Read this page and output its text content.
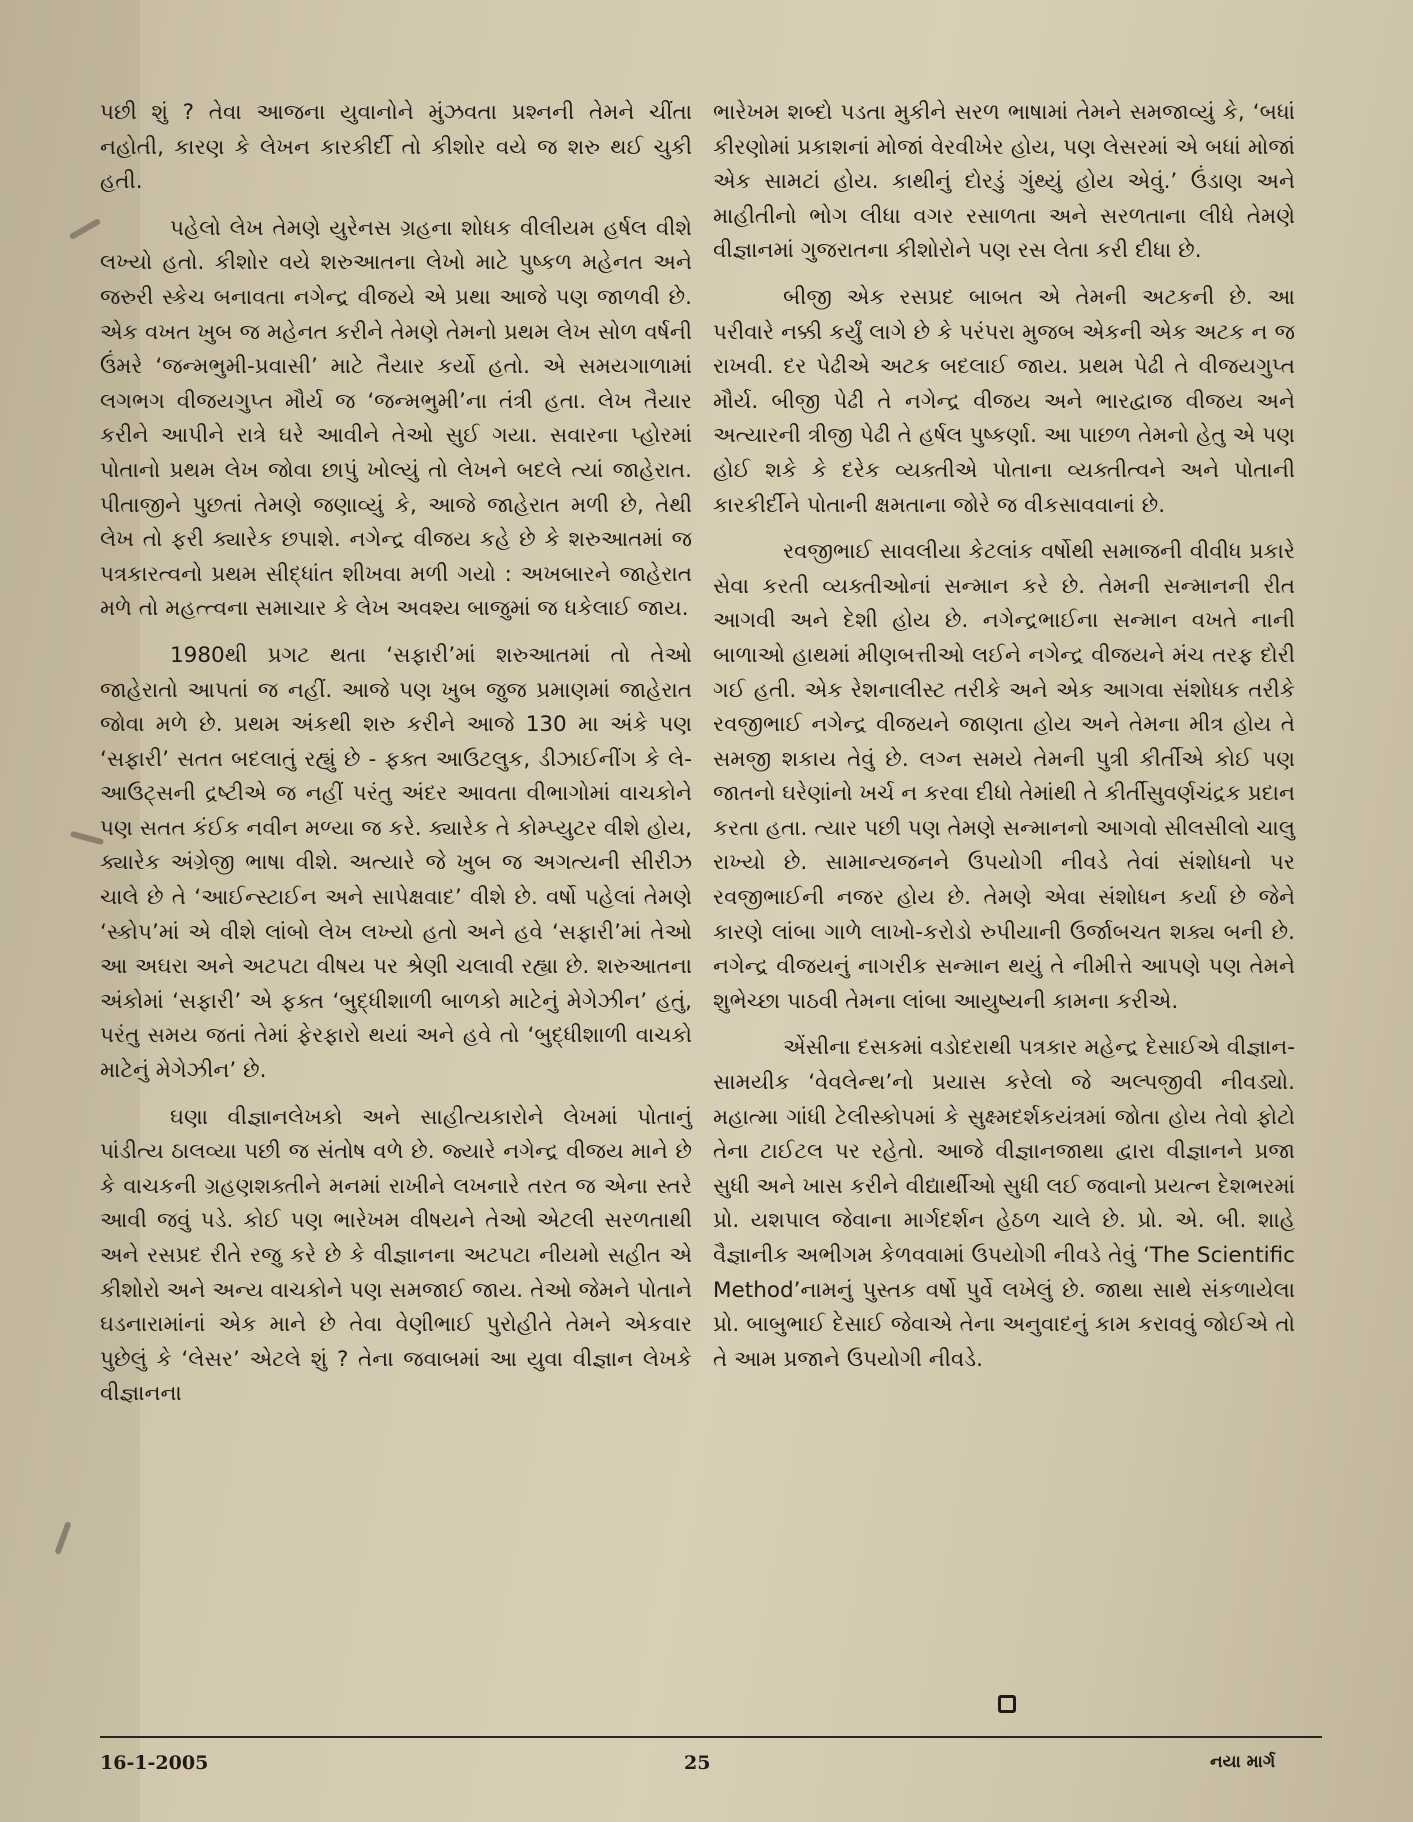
પછી શું ? તેવા આજના યુવાનોને મુંઝવતા પ્રશ્નની તેમને ચીંતા નહોતી, કારણ કે લેખન કારકીર્દી તો કીશોર વયે જ શરુ થઈ ચુકી હતી.

પહેલો લેખ તેમણે યુરેનસ ગ્રહના શોધક વીલીયમ હર્ષલ વીશે લખ્યો હતો. કીશોર વયે શરુઆતના લેખો માટે પુષ્કળ મહેનત અને જરુરી સ્કેચ બનાવતા નગેન્દ્ર વીજયે એ પ્રથા આજે પણ જાળવી છે. એક વખત ખુબ જ મહેનત કરીને તેમણે તેમનો પ્રથમ લેખ સોળ વર્ષની ઉંમરે ‘જન્મભુમી-પ્રવાસી’ માટે તૈયાર કર્યો હતો. એ સમયગાળામાં લગભગ વીજયગુપ્ત મૌર્ય જ ‘જન્મભુમી’ના તંત્રી હતા. લેખ તૈયાર કરીને આપીને રાત્રે ઘરે આવીને તેઓ સુઈ ગયા. સવારના પ્હોરમાં પોતાનો પ્રથમ લેખ જોવા છાપું ખોલ્યું તો લેખને બદલે ત્યાં જાહેરાત. પીતાજીને પુછતાં તેમણે જણાવ્યું કે, આજે જાહેરાત મળી છે, તેથી લેખ તો ફરી ક્યારેક છપાશે. નગેન્દ્ર વીજય કહે છે કે શરુઆતમાં જ પત્રકારત્વનો પ્રથમ સીદ્ધાંત શીખવા મળી ગયો : અખબારને જાહેરાત મળે તો મહત્ત્વના સમાચાર કે લેખ અવશ્ય બાજુમાં જ ધકેલાઈ જાય.

1980થી પ્રગટ થતા ‘સફારી’માં શરુઆતમાં તો તેઓ જાહેરાતો આપતાં જ નહીં. આજે પણ ખુબ જુજ પ્રમાણમાં જાહેરાત જોવા મળે છે. પ્રથમ અંકથી શરુ કરીને આજે 130 મા અંકે પણ ‘સફારી’ સતત બદલાતું રહ્યું છે - ફક્ત આઉટલુક, ડીઝાઈનીંગ કે લે-આઉટ્સની દ્રષ્ટીએ જ નહીં પરંતુ અંદર આવતા વીભાગોમાં વાચકોને પણ સતત કંઈક નવીન મળ્યા જ કરે. ક્યારેક તે કોમ્પ્યુટર વીશે હોય, ક્યારેક અંગ્રેજી ભાષા વીશે. અત્યારે જે ખુબ જ અગત્યની સીરીઝ ચાલે છે તે ‘આઈન્સ્ટાઈન અને સાપેક્ષવાદ’ વીશે છે. વર્ષો પહેલાં તેમણે ‘સ્કોપ’માં એ વીશે લાંબો લેખ લખ્યો હતો અને હવે ‘સફારી’માં તેઓ આ અઘરા અને અટપટા વીષય પર શ્રેણી ચલાવી રહ્યા છે. શરુઆતના અંકોમાં ‘સફારી’ એ ફક્ત ‘બુદ્ધીશાળી બાળકો માટેનું મેગેઝીન’ હતું, પરંતુ સમય જતાં તેમાં ફેરફારો થયાં અને હવે તો ‘બુદ્ધીશાળી વાચકો માટેનું મેગેઝીન’ છે.

ઘણા વીજ્ઞાનલેખકો અને સાહીત્યકારોને લેખમાં પોતાનું પાંડીત્ય ઠાલવ્યા પછી જ સંતોષ વળે છે. જ્યારે નગેન્દ્ર વીજય માને છે કે વાચકની ગ્રહણશક્તીને મનમાં રાખીને લખનારે તરત જ એના સ્તરે આવી જવું પડે. કોઈ પણ ભારેખમ વીષયને તેઓ એટલી સરળતાથી અને રસપ્રદ રીતે રજુ કરે છે કે વીજ્ઞાનના અટપટા નીયમો સહીત એ કીશોરો અને અન્ય વાચકોને પણ સમજાઈ જાય. તેઓ જેમને પોતાને ઘડનારામાંનાં એક માને છે તેવા વેણીભાઈ પુરોહીતે તેમને એકવાર પુછેલું કે ‘લેસર’ એટલે શું ? તેના જવાબમાં આ યુવા વીજ્ઞાન લેખકે વીજ્ઞાનના

ભારેખમ શબ્દો પડતા મુકીને સરળ ભાષામાં તેમને સમજાવ્યું કે, ‘બધાં કીરણોમાં પ્રકાશનાં મોજાં વેરવીખેર હોય, પણ લેસરમાં એ બધાં મોજાં એક સામટાં હોય. કાથીનું દોરડું ગુંથ્યું હોય એવું.’ ઉંડાણ અને માહીતીનો ભોગ લીધા વગર રસાળતા અને સરળતાના લીધે તેમણે વીજ્ઞાનમાં ગુજરાતના કીશોરોને પણ રસ લેતા કરી દીધા છે.

બીજી એક રસપ્રદ બાબત એ તેમની અટકની છે. આ પરીવારે નક્કી કર્યું લાગે છે કે પરંપરા મુજબ એકની એક અટક ન જ રાખવી. દર પેઢીએ અટક બદલાઈ જાય. પ્રથમ પેઢી તે વીજયગુપ્ત મૌર્ય. બીજી પેઢી તે નગેન્દ્ર વીજય અને ભારદ્વાજ વીજય અને અત્યારની ત્રીજી પેઢી તે હર્ષલ પુષ્કર્ણા. આ પાછળ તેમનો હેતુ એ પણ હોઈ શકે કે દરેક વ્યક્તીએ પોતાના વ્યક્તીત્વને અને પોતાની કારકીર્દીને પોતાની ક્ષમતાના જોરે જ વીકસાવવાનાં છે.

રવજીભાઈ સાવલીયા કેટલાંક વર્ષોથી સમાજની વીવીધ પ્રકારે સેવા કરતી વ્યક્તીઓનાં સન્માન કરે છે. તેમની સન્માનની રીત આગવી અને દેશી હોય છે. નગેન્દ્રભાઈના સન્માન વખતે નાની બાળાઓ હાથમાં મીણબત્તીઓ લઈને નગેન્દ્ર વીજયને મંચ તરફ દોરી ગઈ હતી. એક રેશનાલીસ્ટ તરીકે અને એક આગવા સંશોધક તરીકે રવજીભાઈ નગેન્દ્ર વીજયને જાણતા હોય અને તેમના મીત્ર હોય તે સમજી શકાય તેવું છે. લગ્ન સમયે તેમની પુત્રી કીર્તીએ કોઈ પણ જાતનો ઘરેણાંનો ખર્ચ ન કરવા દીધો તેમાંથી તે કીર્તીસુવર્ણચંદ્રક પ્રદાન કરતા હતા. ત્યાર પછી પણ તેમણે સન્માનનો આગવો સીલસીલો ચાલુ રાખ્યો છે. સામાન્યજનને ઉપયોગી નીવડે તેવાં સંશોધનો પર રવજીભાઈની નજર હોય છે. તેમણે એવા સંશોધન કર્યા છે જેને કારણે લાંબા ગાળે લાખો-કરોડો રુપીયાની ઉર્જાબચત શક્ય બની છે. નગેન્દ્ર વીજયનું નાગરીક સન્માન થયું તે નીમીત્તે આપણે પણ તેમને શુભેચ્છા પાઠવી તેમના લાંબા આયુષ્યની કામના કરીએ.

એંસીના દસકમાં વડોદરાથી પત્રકાર મહેન્દ્ર દેસાઈએ વીજ્ઞાન-સામયીક ‘વેવલેન્થ’નો પ્રયાસ કરેલો જે અલ્પજીવી નીવડ્યો. મહાત્મા ગાંધી ટેલીસ્કોપમાં કે સુક્ષ્મદર્શકયંત્રમાં જોતા હોય તેવો ફોટો તેના ટાઈટલ પર રહેતો. આજે વીજ્ઞાનજાથા દ્વારા વીજ્ઞાનને પ્રજા સુધી અને ખાસ કરીને વીદ્યાર્થીઓ સુધી લઈ જવાનો પ્રયત્ન દેશભરમાં પ્રો. યશપાલ જેવાના માર્ગદર્શન હેઠળ ચાલે છે. પ્રો. એ. બી. શાહે વૈજ્ઞાનીક અભીગમ કેળવવામાં ઉપયોગી નીવડે તેવું ‘The Scientific Method’નામનું પુસ્તક વર્ષો પુર્વે લખેલું છે. જાથા સાથે સંકળાયેલા પ્રો. બાબુભાઈ દેસાઈ જેવાએ તેના અનુવાદનું કામ કરાવવું જોઈએ તો તે આમ પ્રજાને ઉપયોગી નીવડે.

16-1-2005	25	નયા માર્ગ
